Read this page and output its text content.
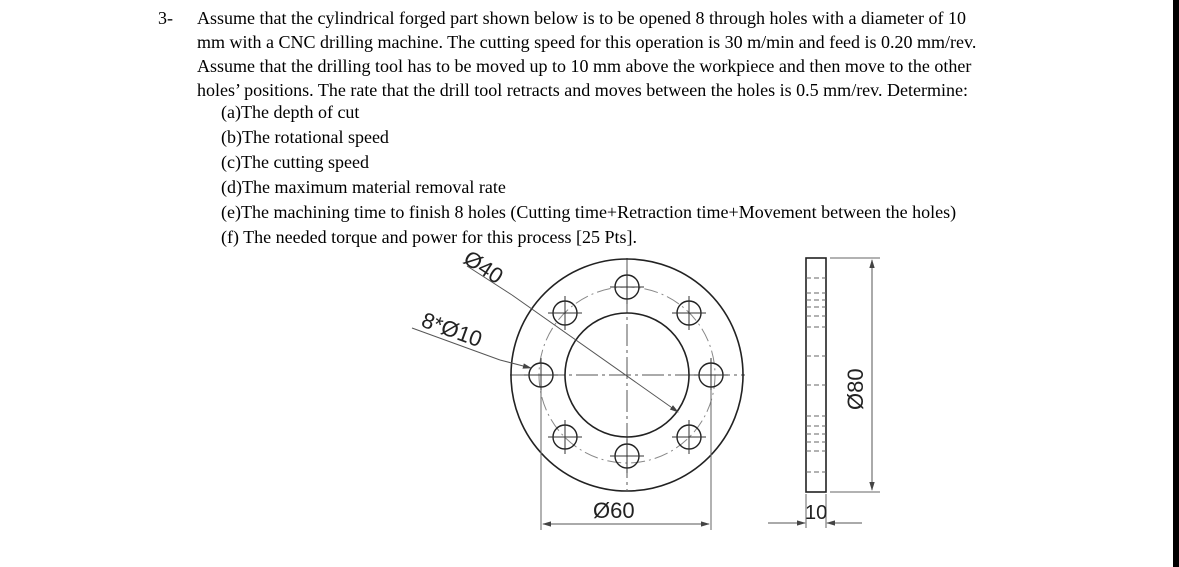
3- Assume that the cylindrical forged part shown below is to be opened 8 through holes with a diameter of 10
mm with a CNC drilling machine. The cutting speed for this operation is 30 m/min and feed is 0.20 mm/rev.
Assume that the drilling tool has to be moved up to 10 mm above the workpiece and then move to the other
holes’ positions. The rate that the drill tool retracts and moves between the holes is 0.5 mm/rev. Determine:
(a)The depth of cut
(b)The rotational speed
(c)The cutting speed
(d)The maximum material removal rate
(e)The machining time to finish 8 holes (Cutting time+Retraction time+Movement between the holes)
(f) The needed torque and power for this process [25 Pts].
Ø40
8*Ø10
Ø60
Ø80
10
